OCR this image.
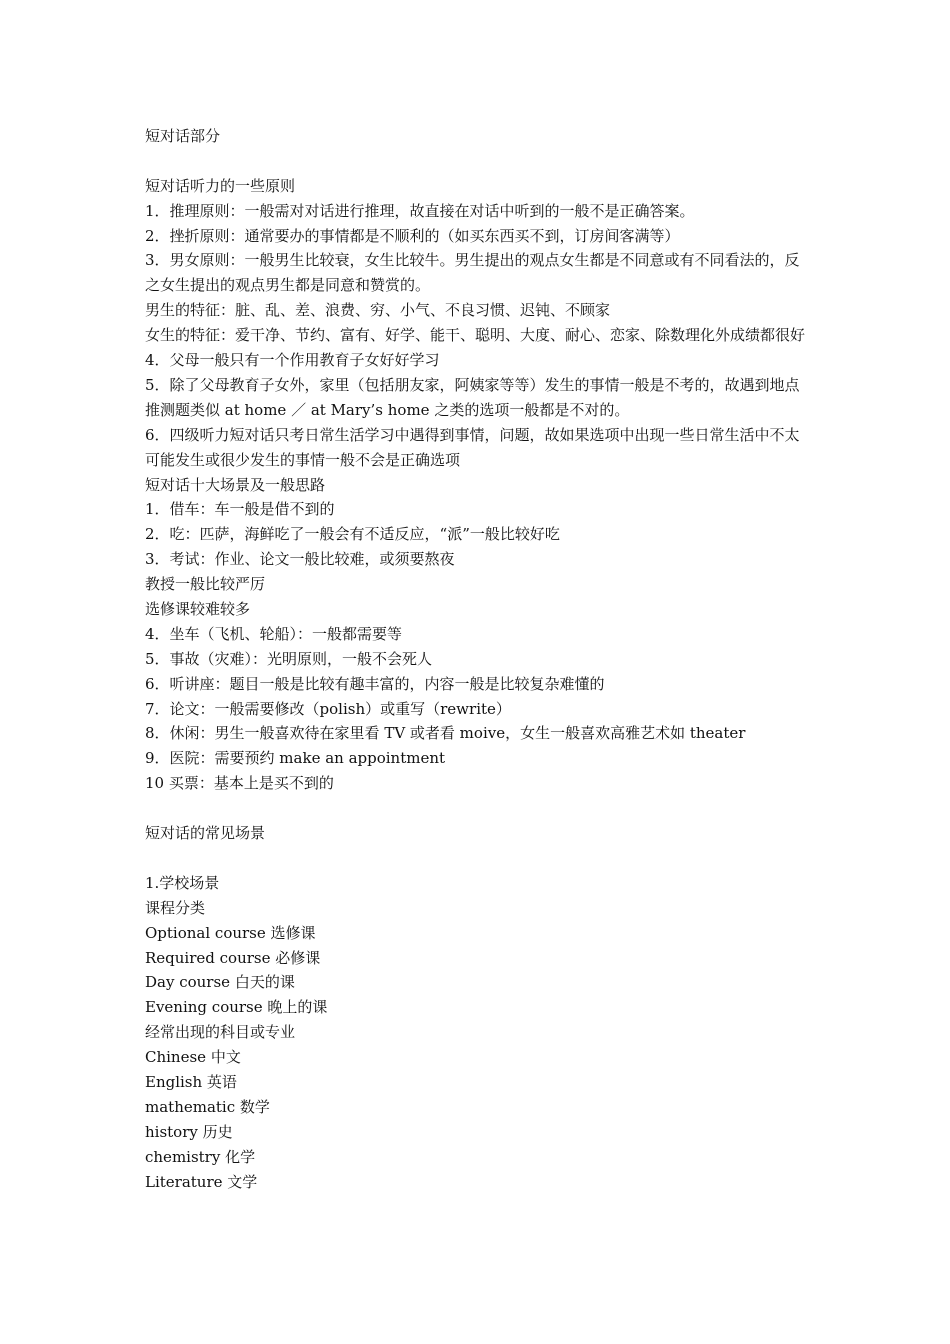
短对话部分
短对话听力的一些原则
1．推理原则：一般需对对话进行推理，故直接在对话中听到的一般不是正确答案。
2．挫折原则：通常要办的事情都是不顺利的（如买东西买不到，订房间客满等）
3．男女原则：一般男生比较衰，女生比较牛。男生提出的观点女生都是不同意或有不同看法的，反之女生提出的观点男生都是同意和赞赏的。
男生的特征：脏、乱、差、浪费、穷、小气、不良习惯、迟钝、不顾家
女生的特征：爱干净、节约、富有、好学、能干、聪明、大度、耐心、恋家、除数理化外成绩都很好
4．父母一般只有一个作用教育子女好好学习
5．除了父母教育子女外，家里（包括朋友家，阿姨家等等）发生的事情一般是不考的，故遇到地点推测题类似 at home ／ at Mary’s home 之类的选项一般都是不对的。
6．四级听力短对话只考日常生活学习中遇得到事情，问题，故如果选项中出现一些日常生活中不太可能发生或很少发生的事情一般不会是正确选项
短对话十大场景及一般思路
1．借车：车一般是借不到的
2．吃：匹萨，海鲜吃了一般会有不适反应，“派”一般比较好吃
3．考试：作业、论文一般比较难，或须要熬夜
教授一般比较严厉
选修课较难较多
4．坐车（飞机、轮船）：一般都需要等
5．事故（灾难）：光明原则，一般不会死人
6．听讲座：题目一般是比较有趣丰富的，内容一般是比较复杂难懂的
7．论文：一般需要修改（polish）或重写（rewrite）
8．休闲：男生一般喜欢待在家里看 TV 或者看 moive，女生一般喜欢高雅艺术如 theater
9．医院：需要预约 make an appointment
10 买票：基本上是买不到的
短对话的常见场景
1.学校场景
课程分类
Optional course 选修课
Required course 必修课
Day course 白天的课
Evening course 晚上的课
经常出现的科目或专业
Chinese 中文
English 英语
mathematic 数学
history 历史
chemistry 化学
Literature 文学
